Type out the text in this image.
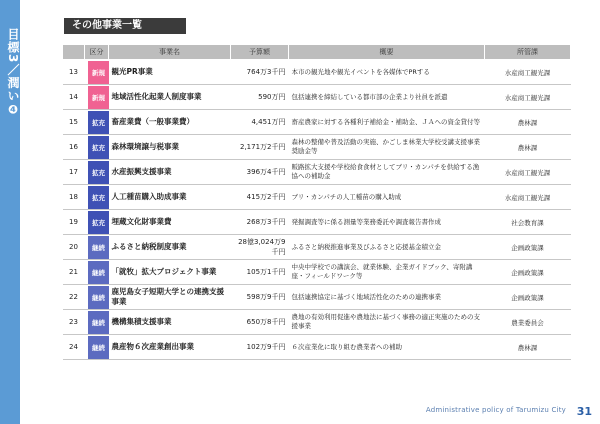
目標3／潤い❹
その他事業一覧
	区分	事業名	予算額	概要	所管課
13	新規	観光PR事業	764万3千円	本市の観光地や観光イベントを各媒体でPRする	水産商工観光課
14	新規	地域活性化起業人制度事業	590万円	包括連携を締結している都市部の企業より社員を派遣	水産商工観光課
15	拡充	畜産業費（一般事業費）	4,451万円	畜産農家に対する各種利子補給金・補助金、ＪＡへの資金貸付等	農林課
16	拡充	森林環境譲与税事業	2,171万2千円	森林の整備や普及活動の実施、かごしま林業大学校受講支援事業奨励金等	農林課
17	拡充	水産振興支援事業	396万4千円	販路拡大支援や学校給食食材としてブリ・カンパチを供給する漁協への補助金	水産商工観光課
18	拡充	人工種苗購入助成事業	415万2千円	ブリ・カンパチの人工種苗の購入助成	水産商工観光課
19	拡充	埋蔵文化財事業費	268万3千円	発掘調査等に係る測量等業務委託や調査報告書作成	社会教育課
20	継続	ふるさと納税制度事業	28億3,024万9千円	ふるさと納税推進事業及びふるさと応援基金積立金	企画政策課
21	継続	「就牧」拡大プロジェクト事業	105万1千円	中央中学校での講演会、就業体験、企業ガイドブック、寄附講座・フィールドワーク等	企画政策課
22	継続	鹿児島女子短期大学との連携支援事業	598万9千円	包括連携協定に基づく地域活性化のための連携事業	企画政策課
23	継続	機構集積支援事業	650万8千円	農地の有効利用促進や農地法に基づく事務の適正実施のための支援事業	農業委員会
24	継続	農産物６次産業創出事業	102万9千円	６次産業化に取り組む農業者への補助	農林課
Administrative policy of Tarumizu City 31
